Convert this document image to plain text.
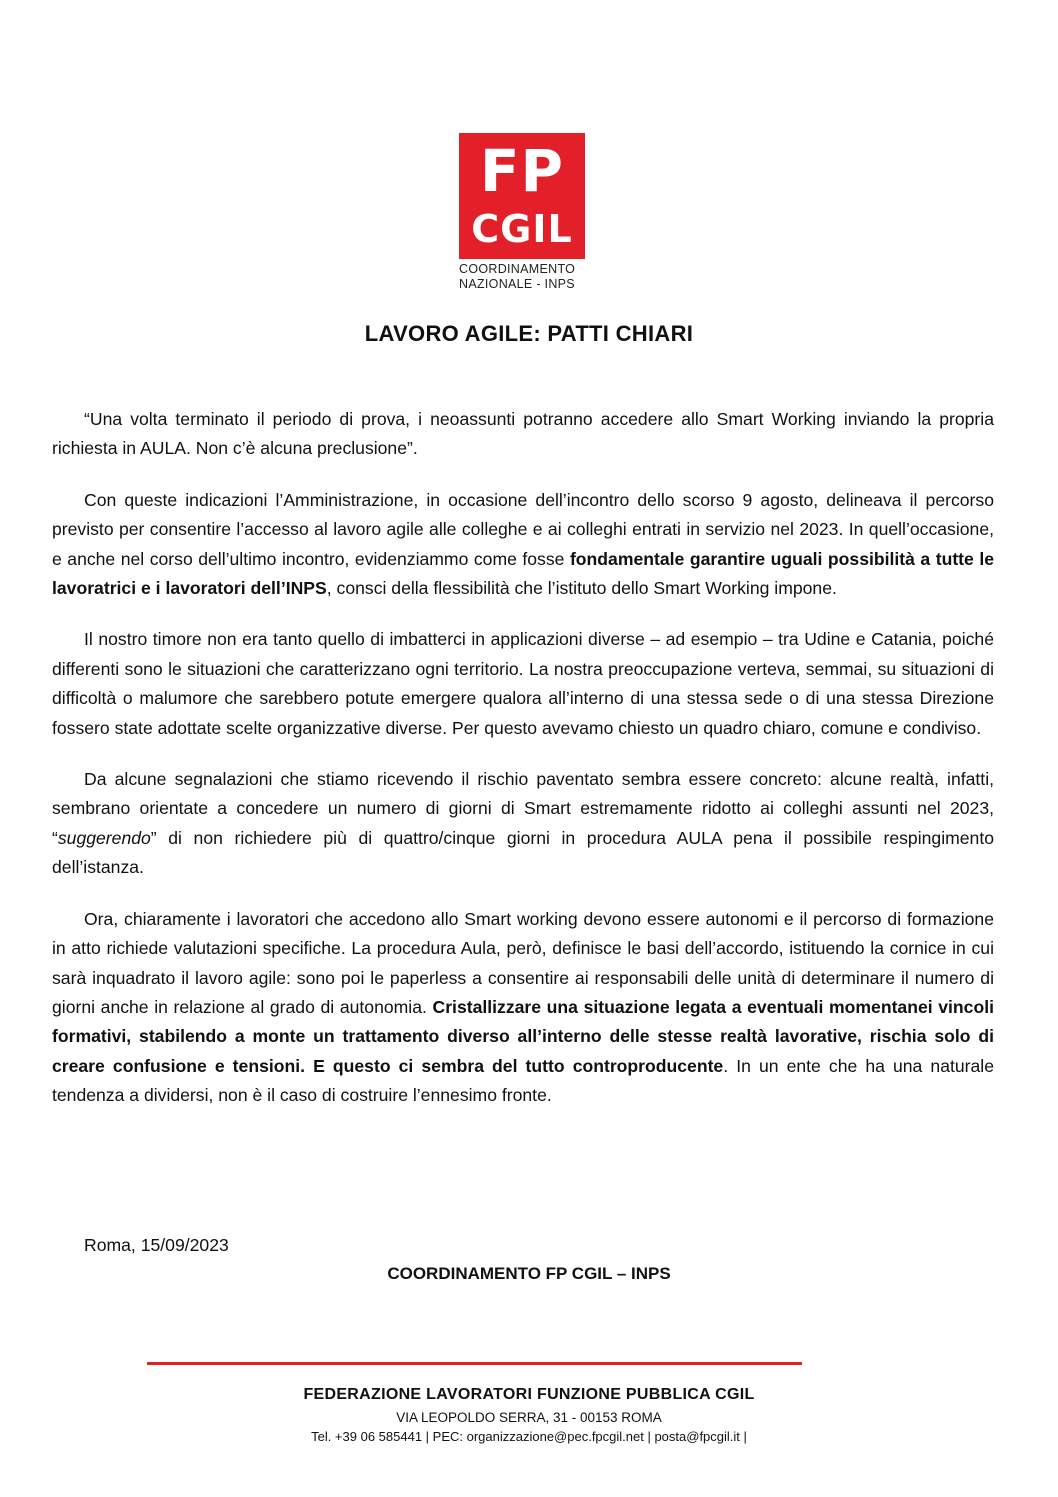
FP
CGIL
COORDINAMENTO
NAZIONALE - INPS
LAVORO AGILE: PATTI CHIARI

“Una volta terminato il periodo di prova, i neoassunti potranno accedere allo Smart Working inviando la propria richiesta in AULA. Non c’è alcuna preclusione”.

Con queste indicazioni l’Amministrazione, in occasione dell’incontro dello scorso 9 agosto, delineava il percorso previsto per consentire l’accesso al lavoro agile alle colleghe e ai colleghi entrati in servizio nel 2023. In quell’occasione, e anche nel corso dell’ultimo incontro, evidenziammo come fosse fondamentale garantire uguali possibilità a tutte le lavoratrici e i lavoratori dell’INPS, consci della flessibilità che l’istituto dello Smart Working impone.

Il nostro timore non era tanto quello di imbatterci in applicazioni diverse – ad esempio – tra Udine e Catania, poiché differenti sono le situazioni che caratterizzano ogni territorio. La nostra preoccupazione verteva, semmai, su situazioni di difficoltà o malumore che sarebbero potute emergere qualora all’interno di una stessa sede o di una stessa Direzione fossero state adottate scelte organizzative diverse. Per questo avevamo chiesto un quadro chiaro, comune e condiviso.

Da alcune segnalazioni che stiamo ricevendo il rischio paventato sembra essere concreto: alcune realtà, infatti, sembrano orientate a concedere un numero di giorni di Smart estremamente ridotto ai colleghi assunti nel 2023, “suggerendo” di non richiedere più di quattro/cinque giorni in procedura AULA pena il possibile respingimento dell’istanza.

Ora, chiaramente i lavoratori che accedono allo Smart working devono essere autonomi e il percorso di formazione in atto richiede valutazioni specifiche. La procedura Aula, però, definisce le basi dell’accordo, istituendo la cornice in cui sarà inquadrato il lavoro agile: sono poi le paperless a consentire ai responsabili delle unità di determinare il numero di giorni anche in relazione al grado di autonomia. Cristallizzare una situazione legata a eventuali momentanei vincoli formativi, stabilendo a monte un trattamento diverso all’interno delle stesse realtà lavorative, rischia solo di creare confusione e tensioni. E questo ci sembra del tutto controproducente. In un ente che ha una naturale tendenza a dividersi, non è il caso di costruire l’ennesimo fronte.

Roma, 15/09/2023
COORDINAMENTO FP CGIL – INPS
FEDERAZIONE LAVORATORI FUNZIONE PUBBLICA CGIL
VIA LEOPOLDO SERRA, 31 - 00153 ROMA
Tel. +39 06 585441 | PEC: organizzazione@pec.fpcgil.net | posta@fpcgil.it |
